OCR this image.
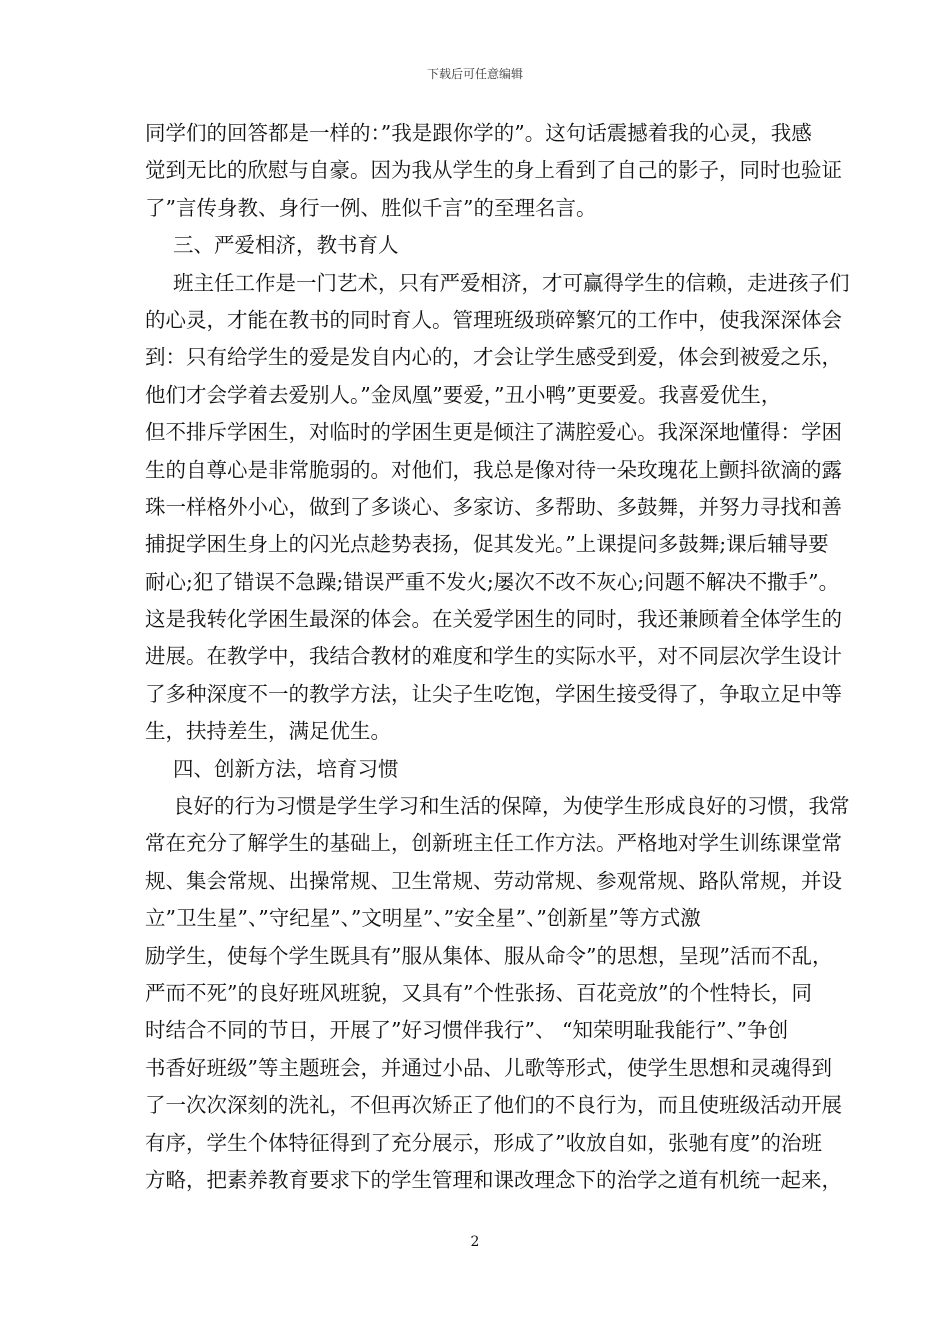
下载后可任意编辑
同学们的回答都是一样的：”我是跟你学的”。这句话震撼着我的心灵，我感
觉到无比的欣慰与自豪。因为我从学生的身上看到了自己的影子，同时也验证
了”言传身教、身行一例、胜似千言”的至理名言。
三、严爱相济，教书育人
班主任工作是一门艺术，只有严爱相济，才可赢得学生的信赖，走进孩子们
的心灵，才能在教书的同时育人。管理班级琐碎繁冗的工作中，使我深深体会
到：只有给学生的爱是发自内心的，才会让学生感受到爱，体会到被爱之乐，
他们才会学着去爱别人。”金凤凰”要爱，”丑小鸭”更要爱。我喜爱优生，
但不排斥学困生，对临时的学困生更是倾注了满腔爱心。我深深地懂得：学困
生的自尊心是非常脆弱的。对他们，我总是像对待一朵玫瑰花上颤抖欲滴的露
珠一样格外小心，做到了多谈心、多家访、多帮助、多鼓舞，并努力寻找和善
捕捉学困生身上的闪光点趁势表扬，促其发光。”上课提问多鼓舞;课后辅导要
耐心;犯了错误不急躁;错误严重不发火;屡次不改不灰心;问题不解决不撒手”。
这是我转化学困生最深的体会。在关爱学困生的同时，我还兼顾着全体学生的
进展。在教学中，我结合教材的难度和学生的实际水平，对不同层次学生设计
了多种深度不一的教学方法，让尖子生吃饱，学困生接受得了，争取立足中等
生，扶持差生，满足优生。
四、创新方法，培育习惯
良好的行为习惯是学生学习和生活的保障，为使学生形成良好的习惯，我常
常在充分了解学生的基础上，创新班主任工作方法。严格地对学生训练课堂常
规、集会常规、出操常规、卫生常规、劳动常规、参观常规、路队常规，并设
立”卫生星”、”守纪星”、”文明星”、”安全星”、”创新星”等方式激
励学生，使每个学生既具有”服从集体、服从命令”的思想，呈现”活而不乱，
严而不死”的良好班风班貌，又具有”个性张扬、百花竞放”的个性特长，同
时结合不同的节日，开展了”好习惯伴我行”、 “知荣明耻我能行”、”争创
书香好班级”等主题班会，并通过小品、儿歌等形式，使学生思想和灵魂得到
了一次次深刻的洗礼，不但再次矫正了他们的不良行为，而且使班级活动开展
有序，学生个体特征得到了充分展示，形成了”收放自如，张驰有度”的治班
方略，把素养教育要求下的学生管理和课改理念下的治学之道有机统一起来，
2
